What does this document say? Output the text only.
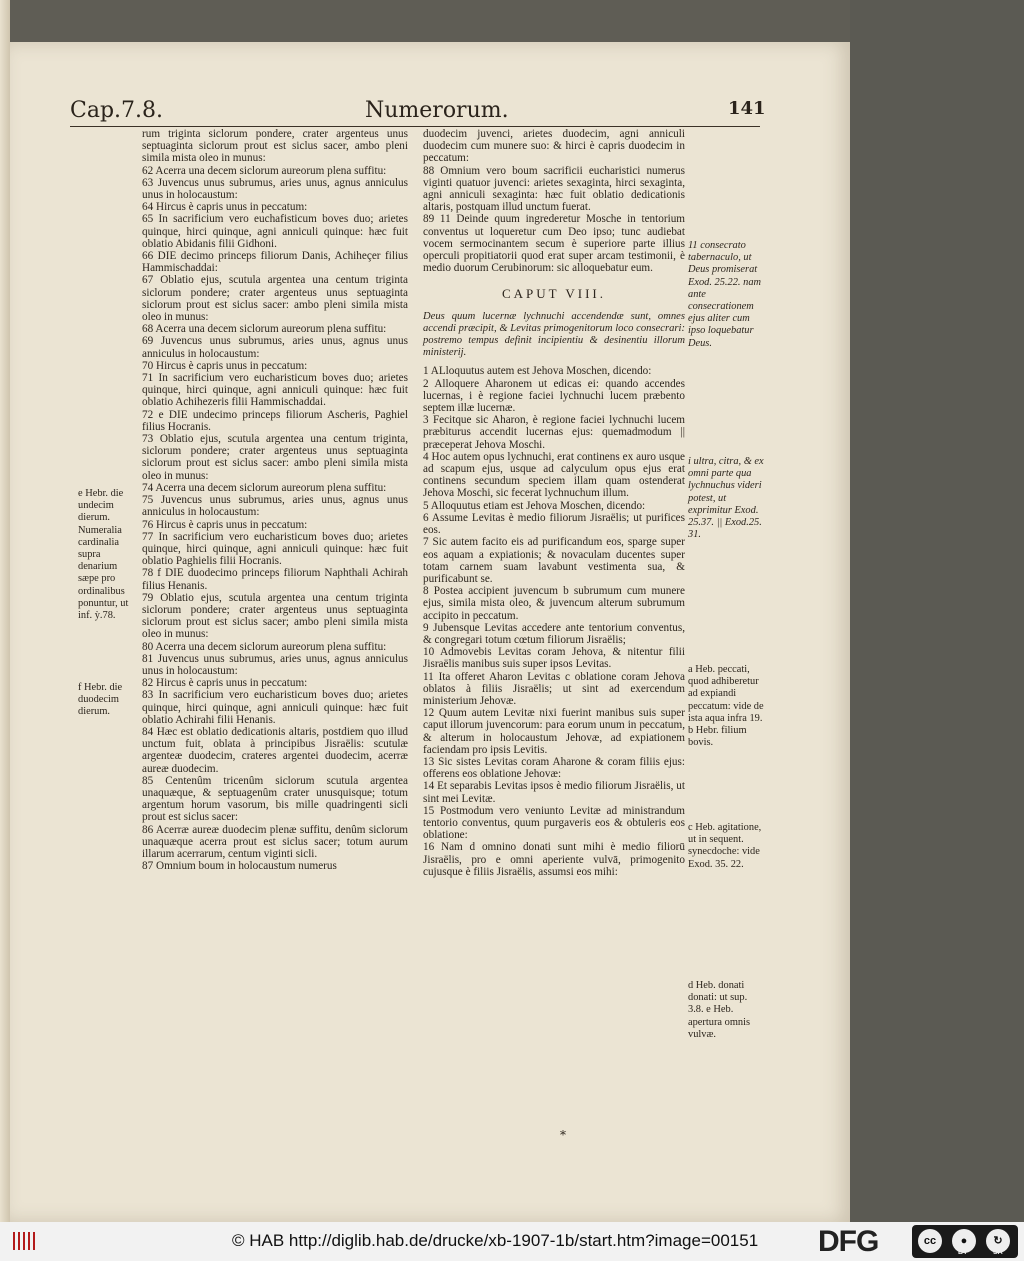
Cap.7.8.	Numerorum.	141
e Hebr. die undecim dierum. Numeralia cardinalia supra denarium sæpe pro ordinalibus ponuntur, ut inf. ỳ.78.
f Hebr. die duodecim dierum.

rum triginta siclorum pondere, crater argenteus unus septuaginta siclorum prout est siclus sacer, ambo pleni simila mista oleo in munus:

62 Acerra una decem siclorum aureorum plena suffitu:

63 Juvencus unus subrumus, aries unus, agnus anniculus unus in holocaustum:

64 Hircus è capris unus in peccatum:

65 In sacrificium vero euchafisticum boves duo; arietes quinque, hirci quinque, agni anniculi quinque: hæc fuit oblatio Abidanis filii Gidhoni.

66 DIE decimo princeps filiorum Danis, Achiheçer filius Hammischaddai:

67 Oblatio ejus, scutula argentea una centum triginta siclorum pondere; crater argenteus unus septuaginta siclorum prout est siclus sacer: ambo pleni simila mista oleo in munus:

68 Acerra una decem siclorum aureorum plena suffitu:

69 Juvencus unus subrumus, aries unus, agnus unus anniculus in holocaustum:

70 Hircus è capris unus in peccatum:

71 In sacrificium vero eucharisticum boves duo; arietes quinque, hirci quinque, agni anniculi quinque: hæc fuit oblatio Achihezeris filii Hammischaddai.

72 e DIE undecimo princeps filiorum Ascheris, Paghiel filius Hocranis.

73 Oblatio ejus, scutula argentea una centum triginta, siclorum pondere; crater argenteus unus septuaginta siclorum prout est siclus sacer: ambo pleni simila mista oleo in munus:

74 Acerra una decem siclorum aureorum plena suffitu:

75 Juvencus unus subrumus, aries unus, agnus unus anniculus in holocaustum:

76 Hircus è capris unus in peccatum:

77 In sacrificium vero eucharisticum boves duo; arietes quinque, hirci quinque, agni anniculi quinque: hæc fuit oblatio Paghielis filii Hocranis.

78 f DIE duodecimo princeps filiorum Naphthali Achirah filius Henanis.

79 Oblatio ejus, scutula argentea una centum triginta siclorum pondere; crater argenteus unus septuaginta siclorum prout est siclus sacer; ambo pleni simila mista oleo in munus:

80 Acerra una decem siclorum aureorum plena suffitu:

81 Juvencus unus subrumus, aries unus, agnus anniculus unus in holocaustum:

82 Hircus è capris unus in peccatum:

83 In sacrificium vero eucharisticum boves duo; arietes quinque, hirci quinque, agni anniculi quinque: hæc fuit oblatio Achirahi filii Henanis.

84 Hæc est oblatio dedicationis altaris, postdiem quo illud unctum fuit, oblata à principibus Jisraëlis: scutulæ argenteæ duodecim, crateres argentei duodecim, acerræ aureæ duodecim.

85 Centenûm tricenûm siclorum scutula argentea unaquæque, & septuagenûm crater unusquisque; totum argentum horum vasorum, bis mille quadringenti sicli prout est siclus sacer:

86 Acerræ aureæ duodecim plenæ suffitu, denûm siclorum unaquæque acerra prout est siclus sacer; totum aurum illarum acerrarum, centum viginti sicli.

87 Omnium boum in holocaustum numerus

duodecim juvenci, arietes duodecim, agni anniculi duodecim cum munere suo: & hirci è capris duodecim in peccatum:

88 Omnium vero boum sacrificii eucharistici numerus viginti quatuor juvenci: arietes sexaginta, hirci sexaginta, agni anniculi sexaginta: hæc fuit oblatio dedicationis altaris, postquam illud unctum fuerat.

89 11 Deinde quum ingrederetur Mosche in tentorium conventus ut loqueretur cum Deo ipso; tunc audiebat vocem sermocinantem secum è superiore parte illius operculi propitiatorii quod erat super arcam testimonii, è medio duorum Cerubinorum: sic alloquebatur eum.

CAPUT VIII.

Deus quum lucernæ lychnuchi accendendæ sunt, omnes accendi præcipit, & Levitas primogenitorum loco consecrari: postremo tempus definit incipientiu & desinentiu illorum ministerij.

1 ALloquutus autem est Jehova Moschen, dicendo:

2 Alloquere Aharonem ut edicas ei: quando accendes lucernas, i è regione faciei lychnuchi lucem præbento septem illæ lucernæ.

3 Fecitque sic Aharon, è regione faciei lychnuchi lucem præbiturus accendit lucernas ejus: quemadmodum || præceperat Jehova Moschi.

4 Hoc autem opus lychnuchi, erat continens ex auro usque ad scapum ejus, usque ad calyculum opus ejus erat continens secundum speciem illam quam ostenderat Jehova Moschi, sic fecerat lychnuchum illum.

5 Alloquutus etiam est Jehova Moschen, dicendo:

6 Assume Levitas è medio filiorum Jisraëlis; ut purifices eos.

7 Sic autem facito eis ad purificandum eos, sparge super eos aquam a expiationis; & novaculam ducentes super totam carnem suam lavabunt vestimenta sua, & purificabunt se.

8 Postea accipient juvencum b subrumum cum munere ejus, simila mista oleo, & juvencum alterum subrumum accipito in peccatum.

9 Jubensque Levitas accedere ante tentorium conventus, & congregari totum cœtum filiorum Jisraëlis;

10 Admovebis Levitas coram Jehova, & nitentur filii Jisraëlis manibus suis super ipsos Levitas.

11 Ita offeret Aharon Levitas c oblatione coram Jehova oblatos à filiis Jisraëlis; ut sint ad exercendum ministerium Jehovæ.

12 Quum autem Levitæ nixi fuerint manibus suis super caput illorum juvencorum: para eorum unum in peccatum, & alterum in holocaustum Jehovæ, ad expiationem faciendam pro ipsis Levitis.

13 Sic sistes Levitas coram Aharone & coram filiis ejus: offerens eos oblatione Jehovæ:

14 Et separabis Levitas ipsos è medio filiorum Jisraëlis, ut sint mei Levitæ.

15 Postmodum vero veniunto Levitæ ad ministrandum tentorio conventus, quum purgaveris eos & obtuleris eos oblatione:

16 Nam d omnino donati sunt mihi è medio filiorū Jisraëlis, pro e omni aperiente vulvā, primogenito cujusque è filiis Jisraëlis, assumsi eos mihi:

11 consecrato tabernaculo, ut Deus promiserat Exod. 25.22. nam ante consecrationem ejus aliter cum ipso loquebatur Deus.
i ultra, citra, & ex omni parte qua lychnuchus videri potest, ut exprimitur Exod. 25.37. || Exod.25. 31.
a Heb. peccati, quod adhiberetur ad expiandi peccatum: vide de ista aqua infra 19. b Hebr. filium bovis.
c Heb. agitatione, ut in sequent. synecdoche: vide Exod. 35. 22.
d Heb. donati donati: ut sup. 3.8. e Heb. apertura omnis vulvæ.
*
© HAB http://diglib.hab.de/drucke/xb-1907-1b/start.htm?image=00151 DFG	cc	●	↻
BY	SA
